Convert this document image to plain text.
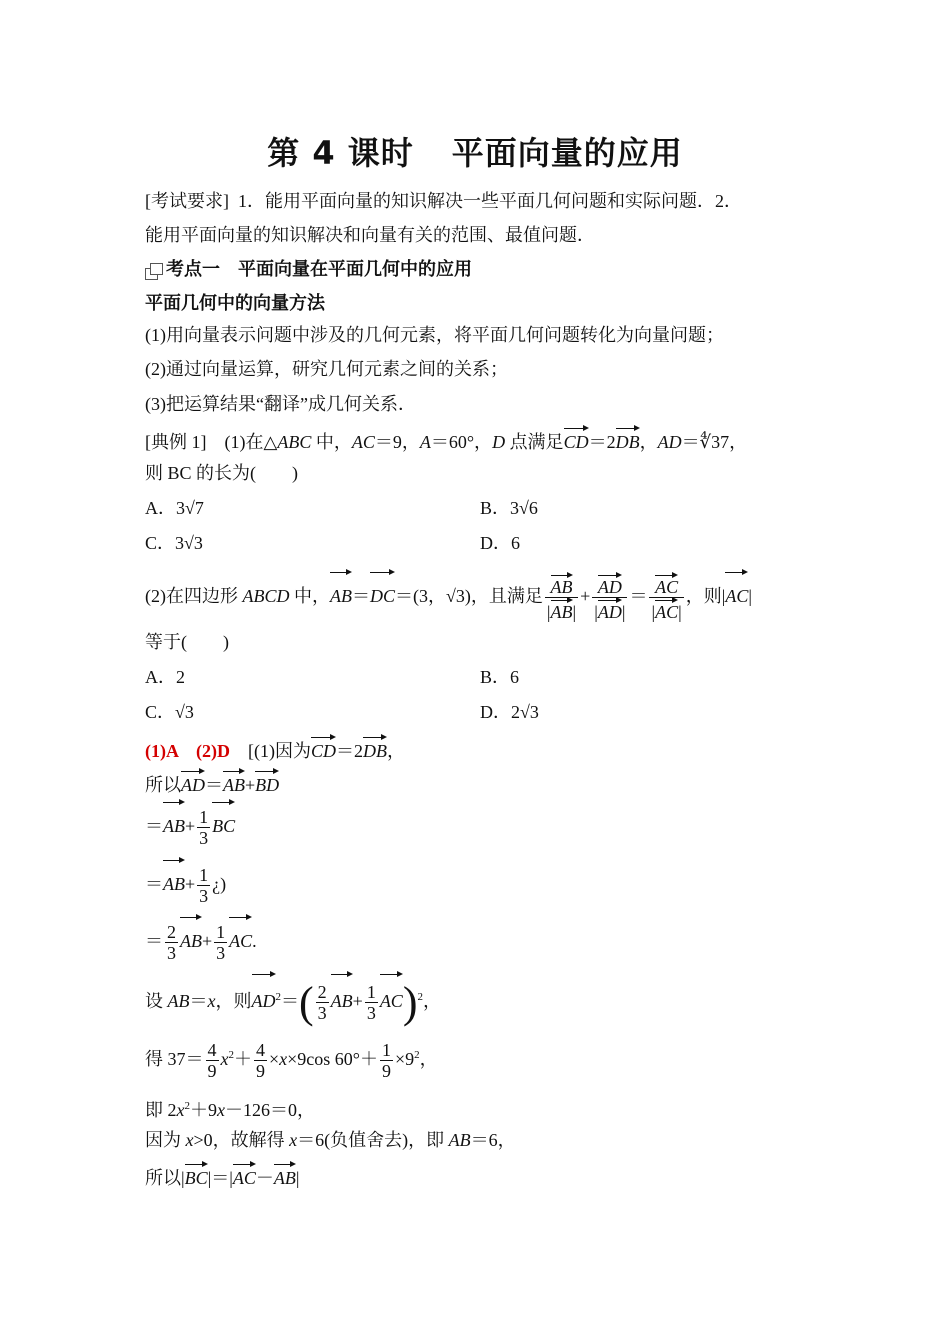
第 4 课时 平面向量的应用
[考试要求] 1．能用平面向量的知识解决一些平面几何问题和实际问题．2．
能用平面向量的知识解决和向量有关的范围、最值问题．
考点一　平面向量在平面几何中的应用
平面几何中的向量方法
(1)用向量表示问题中涉及的几何元素，将平面几何问题转化为向量问题；
(2)通过向量运算，研究几何元素之间的关系；
(3)把运算结果“翻译”成几何关系．
[典例 1]　(1)在△ABC 中，AC＝9，A＝60°，D 点满足CD＝2DB，AD＝∜37，
则 BC 的长为(　　)
A．3√7	B．3√6
C．3√3	D．6
(2)在四边形 ABCD 中，AB＝DC＝(3，√3)，且满足 $\frac{AB}{|AB|} + \frac{AD}{|AD|} = \frac{AC}{|AC|}$ ，则|AC|
等于(　　)
A．2	B．6
C．√3	D．2√3
(1)A　(2)D　[(1)因为CD＝2DB，
所以AD＝AB+BD
$=AB+ \frac{1}{3}$ BC
$=AB+ \frac{1}{3}$ ¿)
＝ $\frac{2}{3} AB+ \frac{1}{3}$ AC.
设 AB＝x，则$AD^2=( \frac{2}{3} AB+ \frac{1}{3} AC)^2$，
得 $37= \frac{4}{9} x^2+ \frac{4}{9} \times x\times 9\cos$ $60^\circ+ \frac{1}{9} \times 9^2$，
即 $2x^2+9x-126=0$，
因为 x>0，故解得 x＝6(负值舍去)，即 AB＝6，
所以|BC|＝|AC－AB|
